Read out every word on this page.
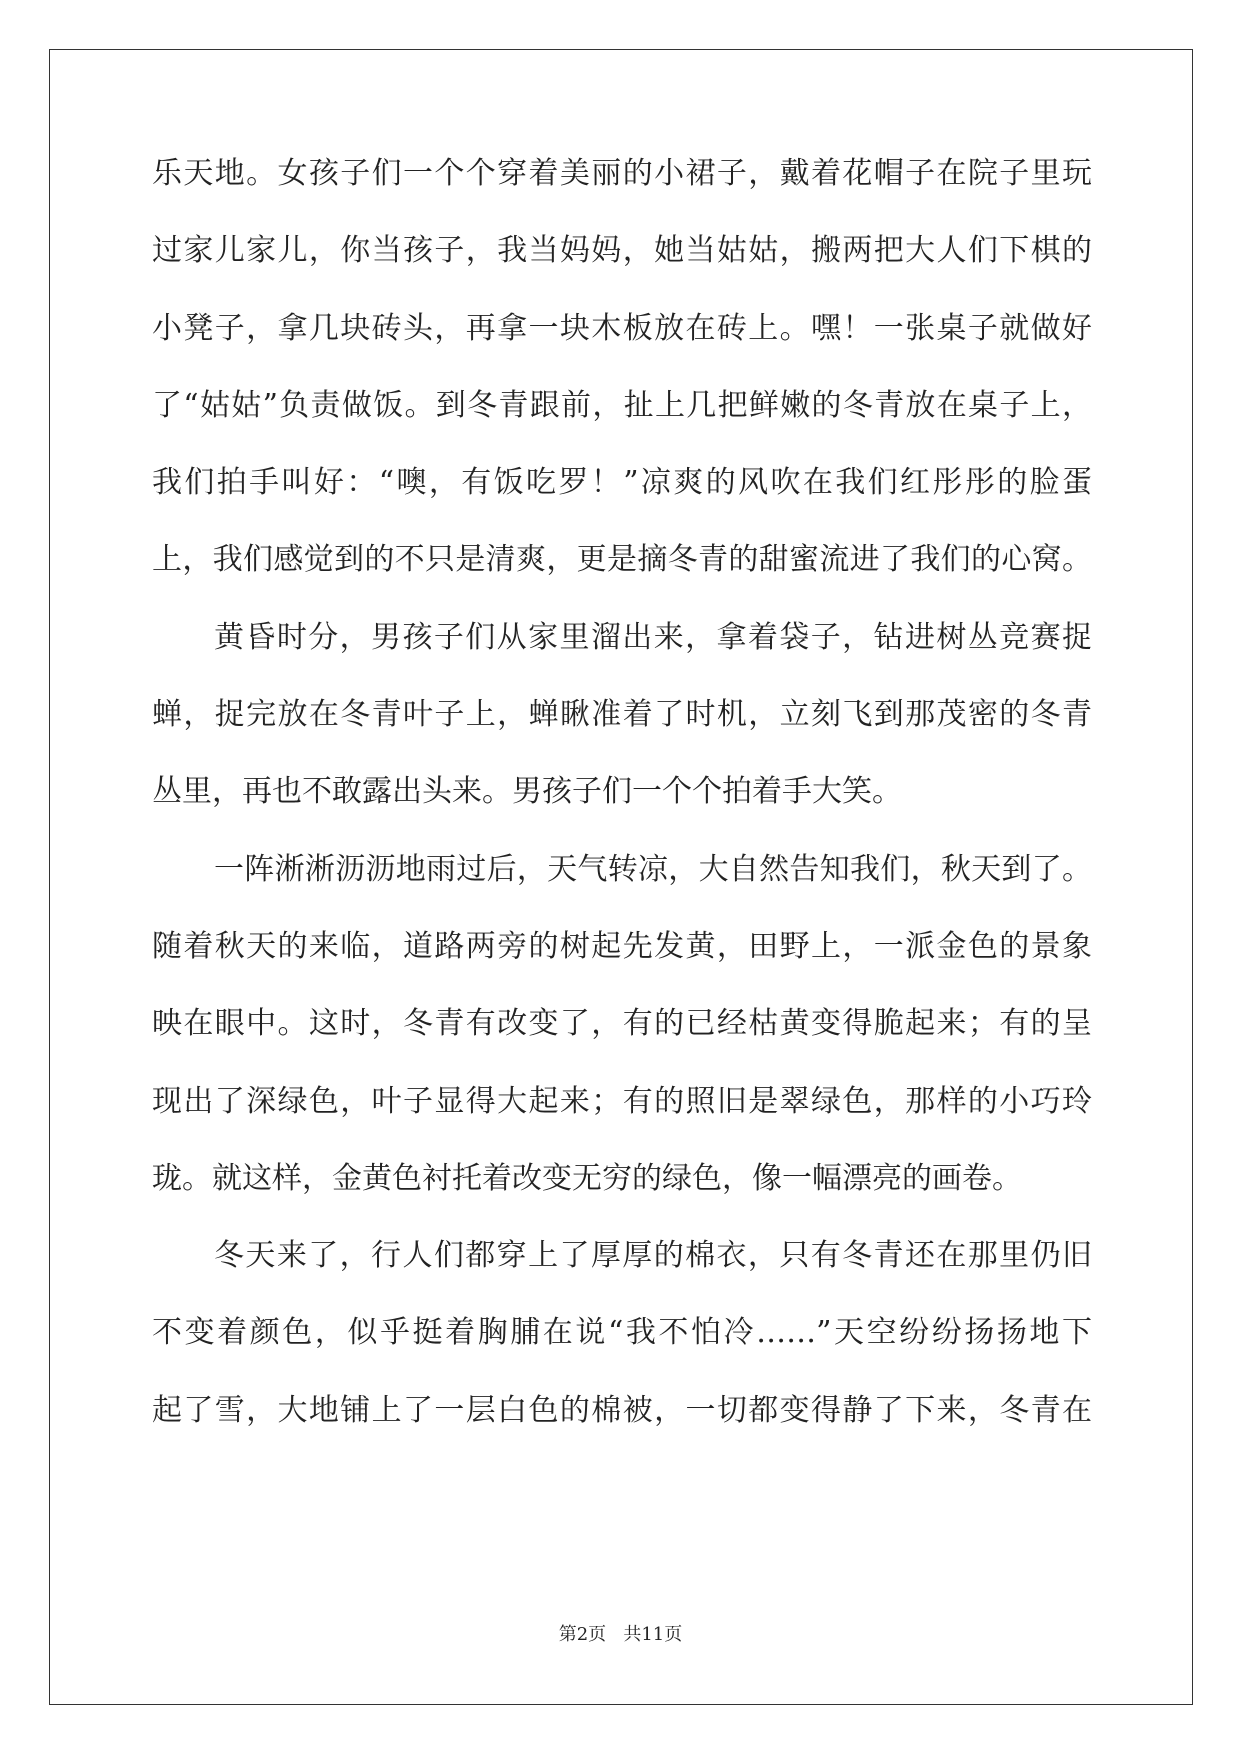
乐天地。女孩子们一个个穿着美丽的小裙子，戴着花帽子在院子里玩
过家儿家儿，你当孩子，我当妈妈，她当姑姑，搬两把大人们下棋的
小凳子，拿几块砖头，再拿一块木板放在砖上。嘿！一张桌子就做好
了“姑姑”负责做饭。到冬青跟前，扯上几把鲜嫩的冬青放在桌子上，
我们拍手叫好：“噢，有饭吃罗！”凉爽的风吹在我们红彤彤的脸蛋
上，我们感觉到的不只是清爽，更是摘冬青的甜蜜流进了我们的心窝。
黄昏时分，男孩子们从家里溜出来，拿着袋子，钻进树丛竞赛捉
蝉，捉完放在冬青叶子上，蝉瞅准着了时机，立刻飞到那茂密的冬青
丛里，再也不敢露出头来。男孩子们一个个拍着手大笑。
一阵淅淅沥沥地雨过后，天气转凉，大自然告知我们，秋天到了。
随着秋天的来临，道路两旁的树起先发黄，田野上，一派金色的景象
映在眼中。这时，冬青有改变了，有的已经枯黄变得脆起来；有的呈
现出了深绿色，叶子显得大起来；有的照旧是翠绿色，那样的小巧玲
珑。就这样，金黄色衬托着改变无穷的绿色，像一幅漂亮的画卷。
冬天来了，行人们都穿上了厚厚的棉衣，只有冬青还在那里仍旧
不变着颜色，似乎挺着胸脯在说“我不怕冷……”天空纷纷扬扬地下
起了雪，大地铺上了一层白色的棉被，一切都变得静了下来，冬青在
第2页   共11页
